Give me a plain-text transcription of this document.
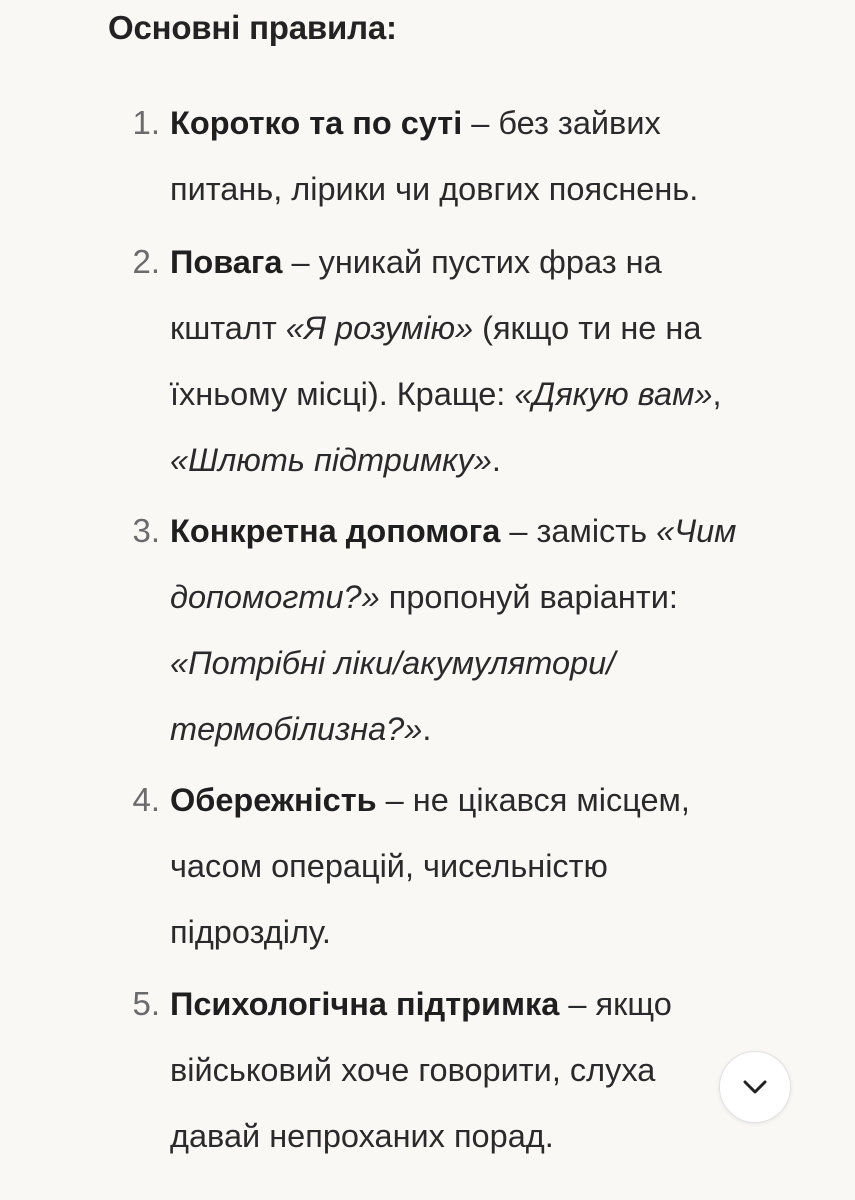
Основні правила:
1. Коротко та по суті – без зайвих
питань, лірики чи довгих пояснень.
2. Повага – уникай пустих фраз на
кшталт «Я розумію» (якщо ти не на
їхньому місці). Краще: «Дякую вам»,
«Шлють підтримку».
3. Конкретна допомога – замість «Чим
допомогти?» пропонуй варіанти:
«Потрібні ліки/акумулятори/
термобілизна?».
4. Обережність – не цікався місцем,
часом операцій, чисельністю
підрозділу.
5. Психологічна підтримка – якщо
військовий хоче говорити, слуха
давай непроханих порад.
